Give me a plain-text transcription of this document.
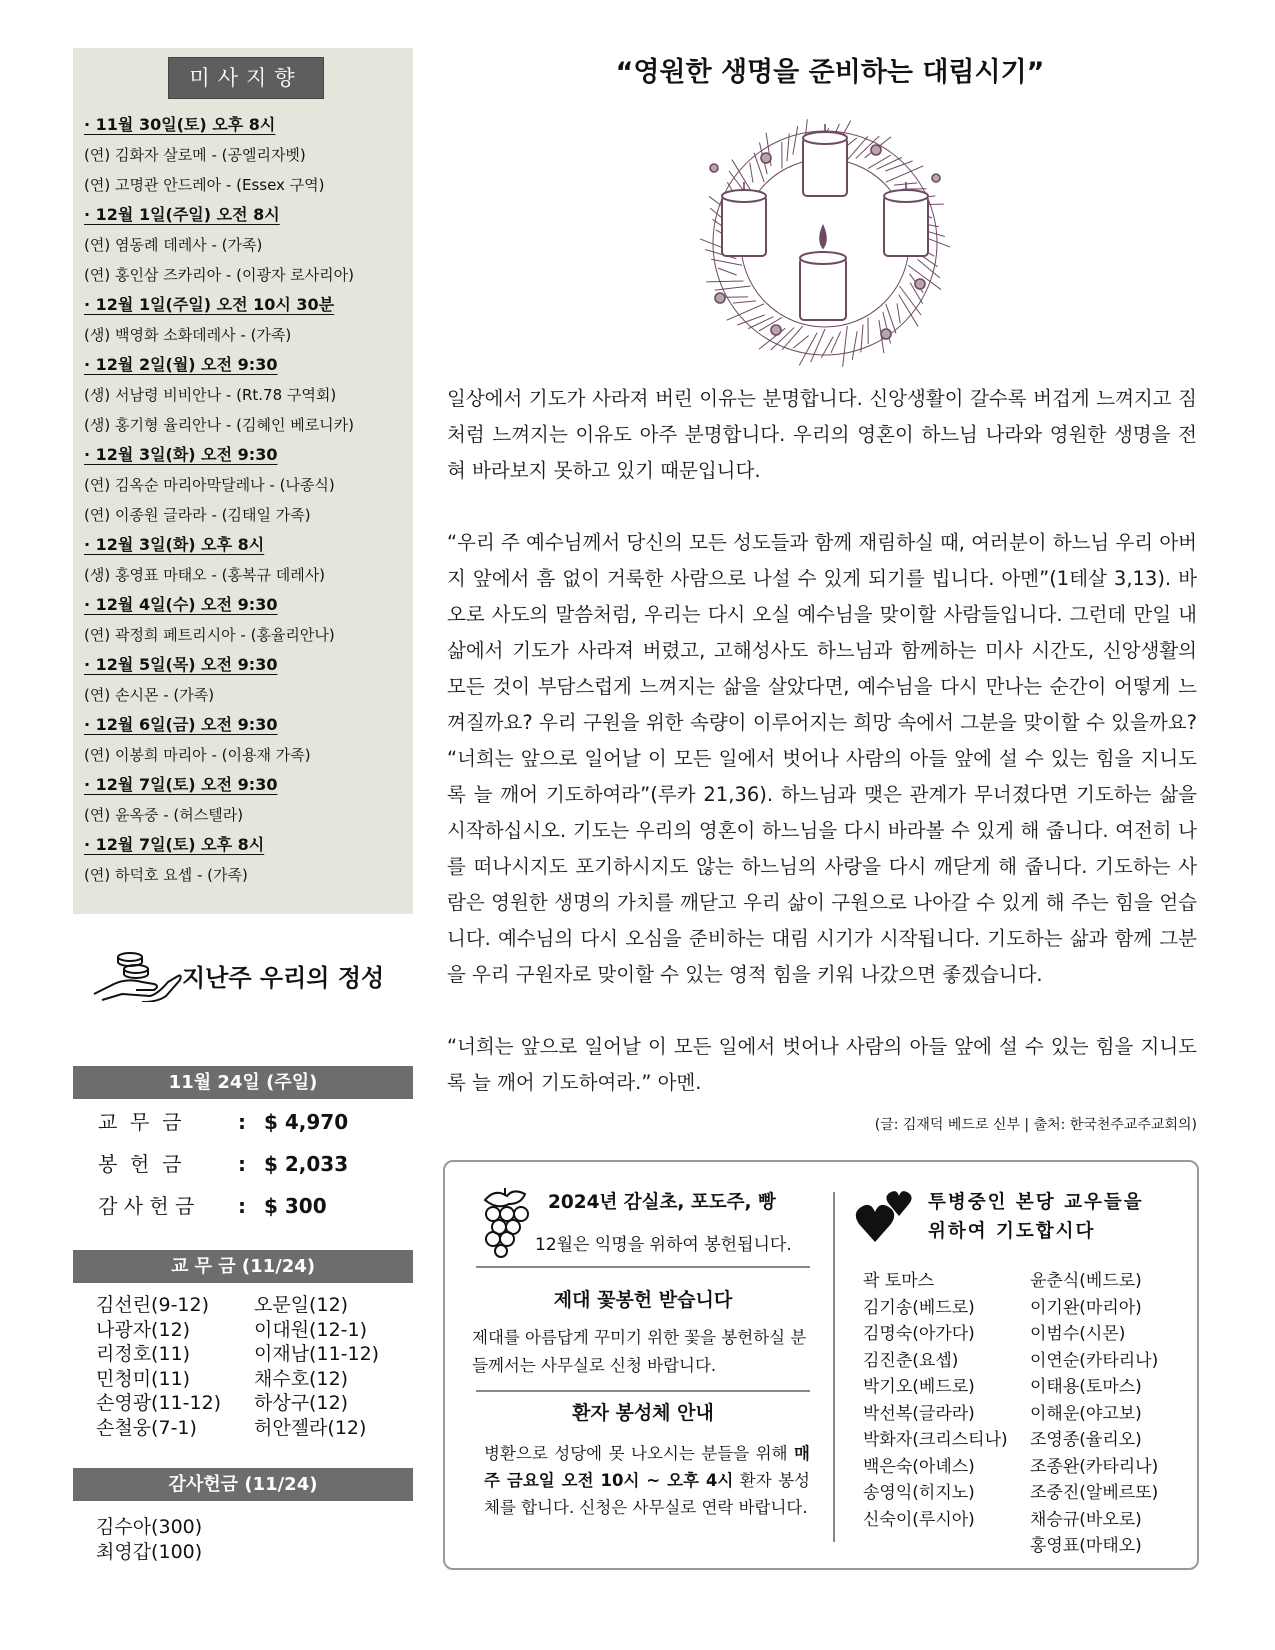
미사지향
· 11월 30일(토) 오후 8시
(연) 김화자 살로메 - (공엘리자벳)
(연) 고명관 안드레아 - (Essex 구역)
· 12월 1일(주일) 오전 8시
(연) 염동례 데레사 - (가족)
(연) 홍인삼 즈카리아 - (이광자 로사리아)
· 12월 1일(주일) 오전 10시 30분
(생) 백영화 소화데레사 - (가족)
· 12월 2일(월) 오전 9:30
(생) 서남령 비비안나 - (Rt.78 구역회)
(생) 홍기형 율리안나 - (김혜인 베로니카)
· 12월 3일(화) 오전 9:30
(연) 김옥순 마리아막달레나 - (나종식)
(연) 이종원 글라라 - (김태일 가족)
· 12월 3일(화) 오후 8시
(생) 홍영표 마태오 - (홍복규 데레사)
· 12월 4일(수) 오전 9:30
(연) 곽정희 페트리시아 - (홍율리안나)
· 12월 5일(목) 오전 9:30
(연) 손시몬 - (가족)
· 12월 6일(금) 오전 9:30
(연) 이봉희 마리아 - (이용재 가족)
· 12월 7일(토) 오전 9:30
(연) 윤옥중 - (허스텔라)
· 12월 7일(토) 오후 8시
(연) 하덕호 요셉 - (가족)
지난주 우리의 정성
11월 24일 (주일)
교  무  금	: $ 4,970
봉  헌  금	: $ 2,033
감 사 헌 금 : $ 300
교 무 금 (11/24)
김선린(9-12)
나광자(12)
리정호(11)
민청미(11)
손영광(11-12)
손철웅(7-1)
오문일(12)
이대원(12-1)
이재남(11-12)
채수호(12)
하상구(12)
허안젤라(12)
감사헌금 (11/24)
김수아(300)
최영갑(100)
“영원한 생명을 준비하는 대림시기”

일상에서 기도가 사라져 버린 이유는 분명합니다. 신앙생활이 갈수록 버겁게 느껴지고 짐처럼 느껴지는 이유도 아주 분명합니다. 우리의 영혼이 하느님 나라와 영원한 생명을 전혀 바라보지 못하고 있기 때문입니다.

“우리 주 예수님께서 당신의 모든 성도들과 함께 재림하실 때, 여러분이 하느님 우리 아버지 앞에서 흠 없이 거룩한 사람으로 나설 수 있게 되기를 빕니다. 아멘”(1테살 3,13). 바오로 사도의 말씀처럼, 우리는 다시 오실 예수님을 맞이할 사람들입니다. 그런데 만일 내 삶에서 기도가 사라져 버렸고, 고해성사도 하느님과 함께하는 미사 시간도, 신앙생활의 모든 것이 부담스럽게 느껴지는 삶을 살았다면, 예수님을 다시 만나는 순간이 어떻게 느껴질까요? 우리 구원을 위한 속량이 이루어지는 희망 속에서 그분을 맞이할 수 있을까요? “너희는 앞으로 일어날 이 모든 일에서 벗어나 사람의 아들 앞에 설 수 있는 힘을 지니도록 늘 깨어 기도하여라”(루카 21,36). 하느님과 맺은 관계가 무너졌다면 기도하는 삶을 시작하십시오. 기도는 우리의 영혼이 하느님을 다시 바라볼 수 있게 해 줍니다. 여전히 나를 떠나시지도 포기하시지도 않는 하느님의 사랑을 다시 깨닫게 해 줍니다. 기도하는 사람은 영원한 생명의 가치를 깨닫고 우리 삶이 구원으로 나아갈 수 있게 해 주는 힘을 얻습니다. 예수님의 다시 오심을 준비하는 대림 시기가 시작됩니다. 기도하는 삶과 함께 그분을 우리 구원자로 맞이할 수 있는 영적 힘을 키워 나갔으면 좋겠습니다.

“너희는 앞으로 일어날 이 모든 일에서 벗어나 사람의 아들 앞에 설 수 있는 힘을 지니도록 늘 깨어 기도하여라.” 아멘.

(글: 김재덕 베드로 신부 | 출처: 한국천주교주교회의)
2024년 감실초, 포도주, 빵
12월은 익명을 위하여 봉헌됩니다.
제대 꽃봉헌 받습니다
제대를 아름답게 꾸미기 위한 꽃을 봉헌하실 분들께서는 사무실로 신청 바랍니다.
환자 봉성체 안내
병환으로 성당에 못 나오시는 분들을 위해 매주 금요일 오전 10시 ~ 오후 4시 환자 봉성체를 합니다. 신청은 사무실로 연락 바랍니다.
투병중인 본당 교우들을
위하여 기도합시다
곽 토마스
김기송(베드로)
김명숙(아가다)
김진춘(요셉)
박기오(베드로)
박선복(글라라)
박화자(크리스티나)
백은숙(아녜스)
송영익(히지노)
신숙이(루시아)
윤춘식(베드로)
이기완(마리아)
이범수(시몬)
이연순(카타리나)
이태용(토마스)
이해운(야고보)
조영종(율리오)
조종완(카타리나)
조중진(알베르또)
채승규(바오로)
홍영표(마태오)
